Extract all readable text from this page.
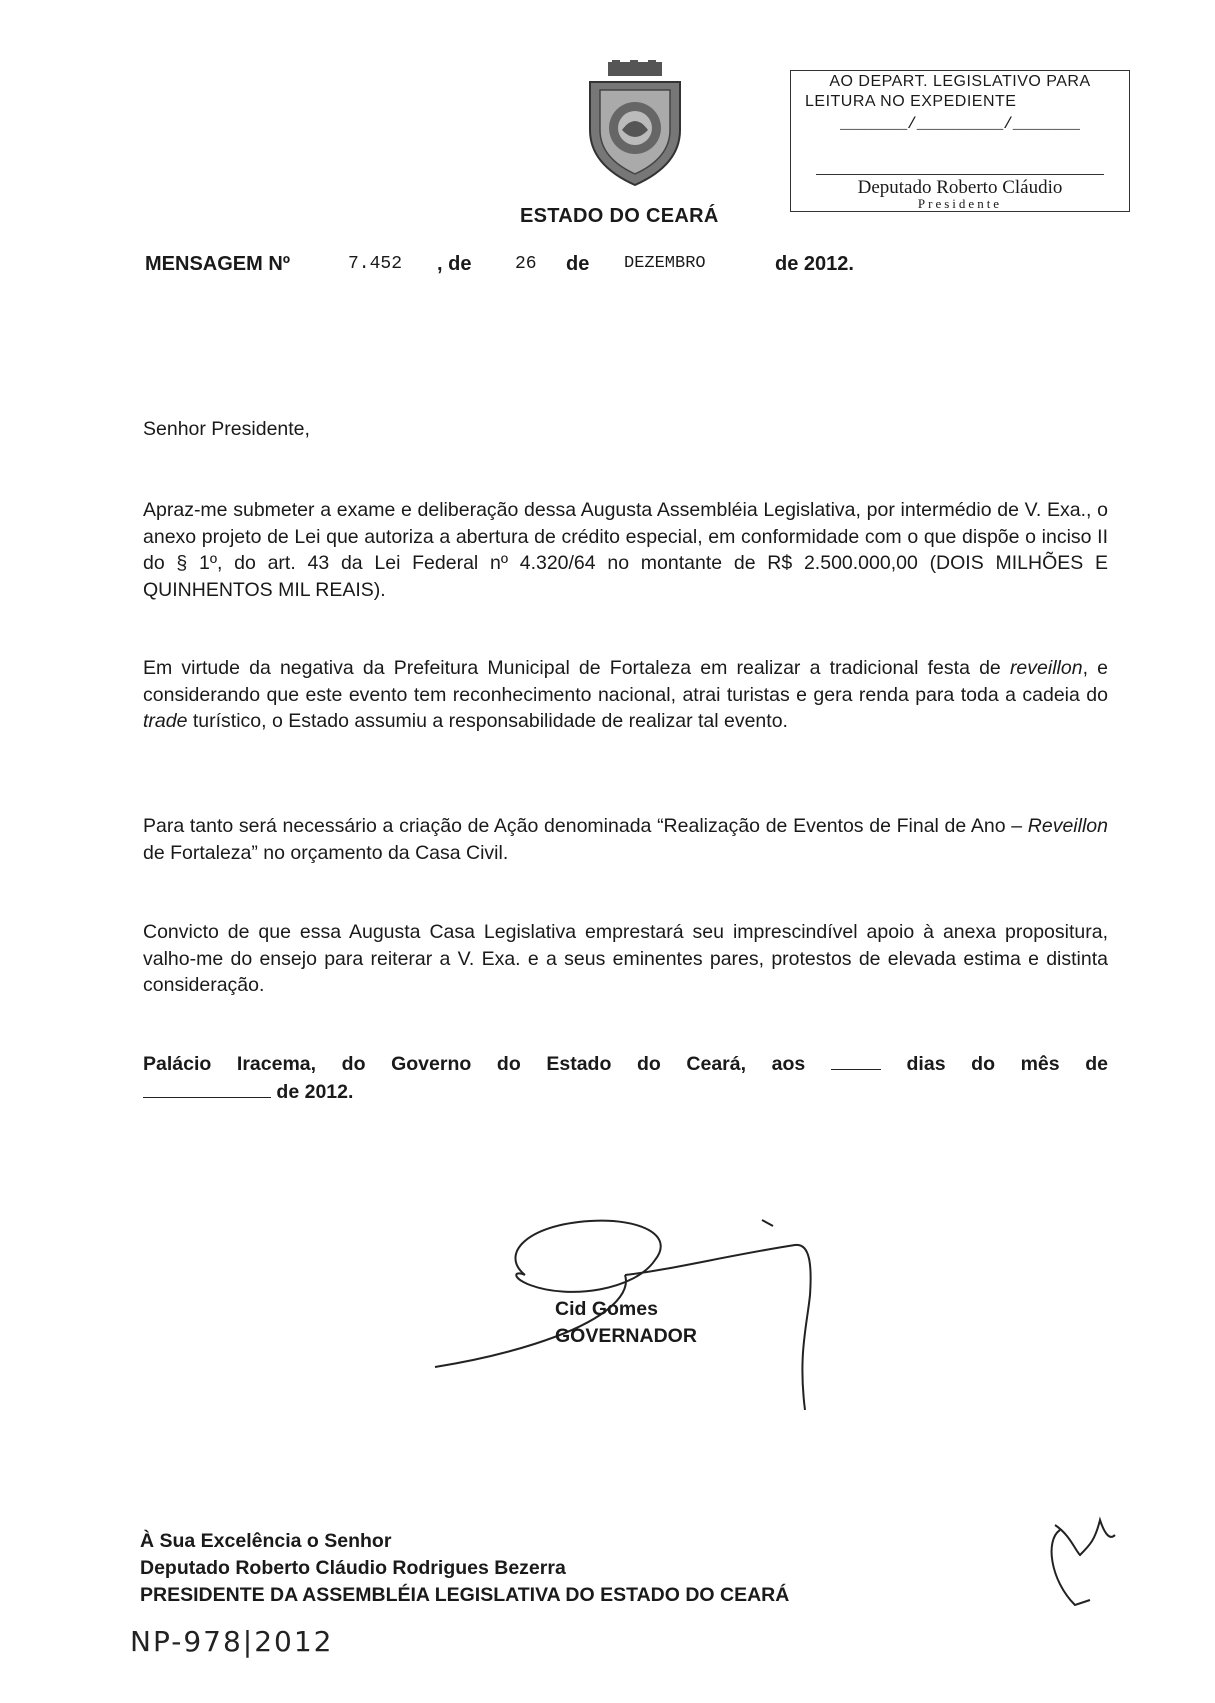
ESTADO DO CEARÁ
AO DEPART. LEGISLATIVO PARA
LEITURA NO EXPEDIENTE
_______/_________/_______
Deputado Roberto Cláudio
Presidente
MENSAGEM Nº	7.452 , de 26 de DEZEMBRO	de 2012.
Senhor Presidente,
Apraz-me submeter a exame e deliberação dessa Augusta Assembléia Legislativa, por intermédio de V. Exa., o anexo projeto de Lei que autoriza a abertura de crédito especial, em conformidade com o que dispõe o inciso II do § 1º, do art. 43 da Lei Federal nº 4.320/64 no montante de R$ 2.500.000,00 (DOIS MILHÕES E QUINHENTOS MIL REAIS).
Em virtude da negativa da Prefeitura Municipal de Fortaleza em realizar a tradicional festa de reveillon, e considerando que este evento tem reconhecimento nacional, atrai turistas e gera renda para toda a cadeia do trade turístico, o Estado assumiu a responsabilidade de realizar tal evento.
Para tanto será necessário a criação de Ação denominada “Realização de Eventos de Final de Ano – Reveillon de Fortaleza” no orçamento da Casa Civil.
Convicto de que essa Augusta Casa Legislativa emprestará seu imprescindível apoio à anexa propositura, valho-me do ensejo para reiterar a V. Exa. e a seus eminentes pares, protestos de elevada estima e distinta consideração.
Palácio Iracema, do Governo do Estado do Ceará, aos	dias do mês de
de 2012.
Cid Gomes
GOVERNADOR
À Sua Excelência o Senhor
Deputado Roberto Cláudio Rodrigues Bezerra
PRESIDENTE DA ASSEMBLÉIA LEGISLATIVA DO ESTADO DO CEARÁ
NP-978|2012
